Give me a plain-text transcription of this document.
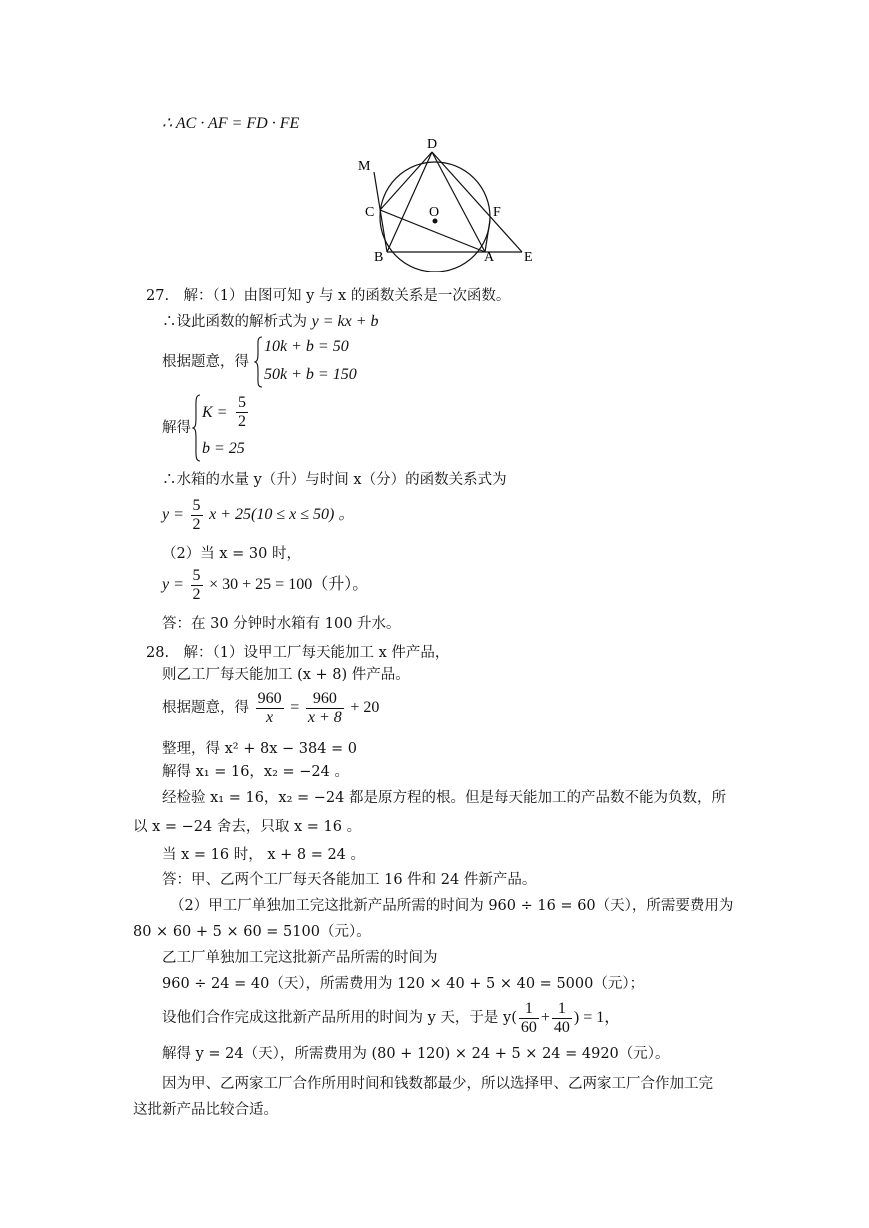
∴ AC · AF = FD · FE
M
D
C	O	F
B	A E
27.　解：（1）由图可知 y 与 x 的函数关系是一次函数。
∴设此函数的解析式为 y = kx + b
根据题意，得
10k + b = 50
50k + b = 150
解得
$K = \frac{5}{2}$
b = 25
∴水箱的水量 y（升）与时间 x（分）的函数关系式为
$y = \frac{5}{2}$ x + 25(10 ≤ x ≤ 50) 。
（2）当 x = 30 时，
$y = \frac{5}{2} \times 30 + 25 = 100$（升）。
答：在 30 分钟时水箱有 100 升水。
28.　解：（1）设甲工厂每天能加工 x 件产品，
则乙工厂每天能加工 (x + 8) 件产品。
根据题意，得 $\frac{960}{x} = \frac{960}{x + 8} + 20$
整理，得 x² + 8x − 384 = 0
解得 x₁ = 16，x₂ = −24 。
经检验 x₁ = 16，x₂ = −24 都是原方程的根。但是每天能加工的产品数不能为负数，所
以 x = −24 舍去，只取 x = 16 。
当 x = 16 时， x + 8 = 24 。
答：甲、乙两个工厂每天各能加工 16 件和 24 件新产品。
（2）甲工厂单独加工完这批新产品所需的时间为 960 ÷ 16 = 60（天），所需要费用为
80 × 60 + 5 × 60 = 5100（元）。
乙工厂单独加工完这批新产品所需的时间为
960 ÷ 24 = 40（天），所需费用为 120 × 40 + 5 × 40 = 5000（元）；
设他们合作完成这批新产品所用的时间为 y 天，于是 $y( \frac{1}{60} + \frac{1}{40}$ ) = 1，
解得 y = 24（天），所需费用为 (80 + 120) × 24 + 5 × 24 = 4920（元）。
因为甲、乙两家工厂合作所用时间和钱数都最少，所以选择甲、乙两家工厂合作加工完
这批新产品比较合适。
